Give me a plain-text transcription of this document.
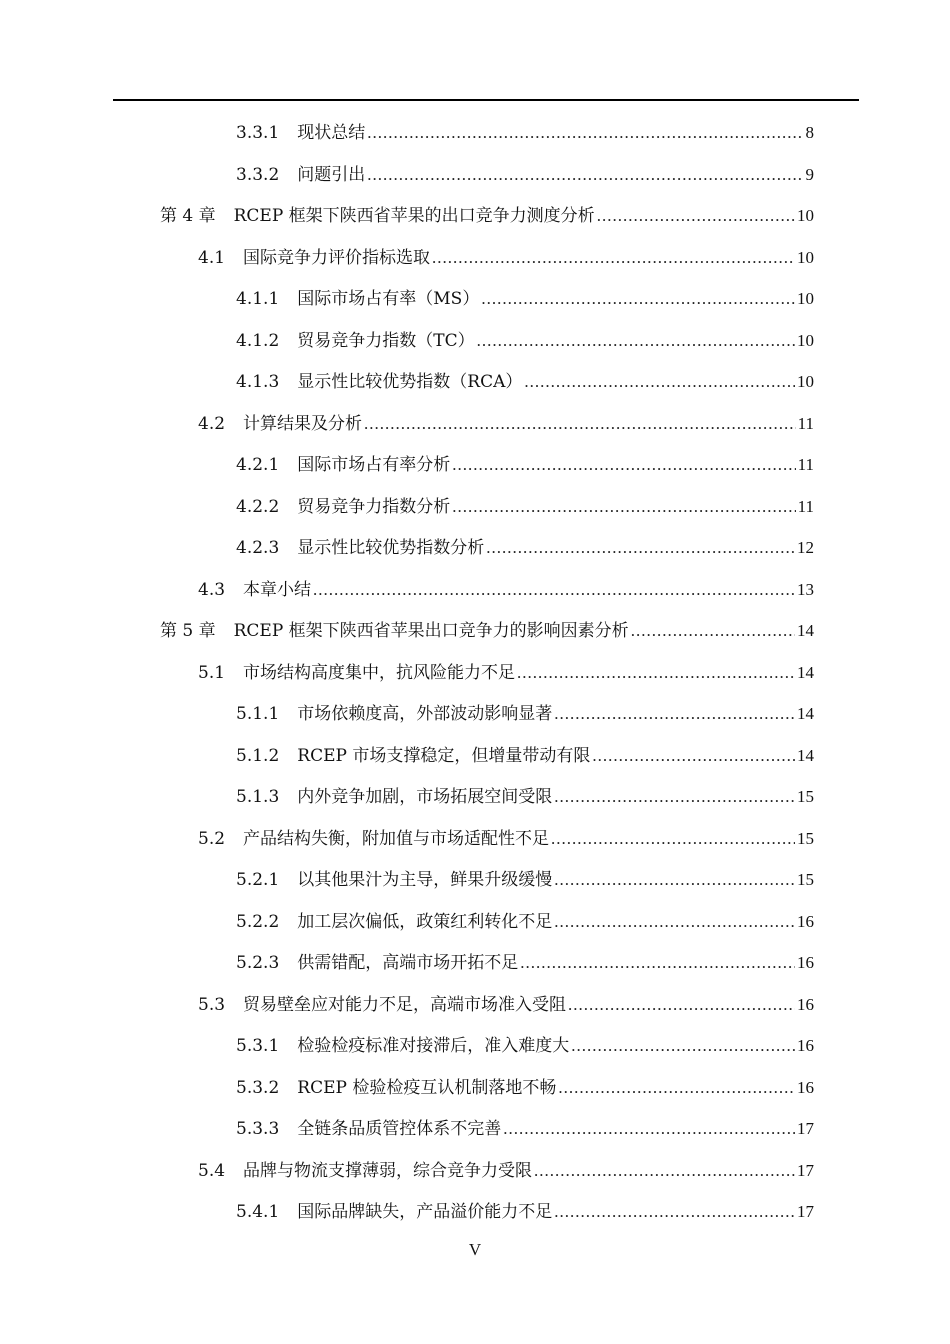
3.3.1	现状总结 .....	8
3.3.2	问题引出 .....	9
第 4 章	RCEP 框架下陕西省苹果的出口竞争力测度分析 .....	10
4.1	国际竞争力评价指标选取 .....	10
4.1.1	国际市场占有率（MS） .....	10
4.1.2	贸易竞争力指数（TC） .....	10
4.1.3	显示性比较优势指数（RCA） .....	10
4.2	计算结果及分析 .....	11
4.2.1	国际市场占有率分析 .....	11
4.2.2	贸易竞争力指数分析 .....	11
4.2.3	显示性比较优势指数分析 .....	12
4.3	本章小结 .....	13
第 5 章	RCEP 框架下陕西省苹果出口竞争力的影响因素分析 .....	14
5.1	市场结构高度集中，抗风险能力不足 .....	14
5.1.1	市场依赖度高，外部波动影响显著 .....	14
5.1.2	RCEP 市场支撑稳定，但增量带动有限 .....	14
5.1.3	内外竞争加剧，市场拓展空间受限 .....	15
5.2	产品结构失衡，附加值与市场适配性不足 .....	15
5.2.1	以其他果汁为主导，鲜果升级缓慢 .....	15
5.2.2	加工层次偏低，政策红利转化不足 .....	16
5.2.3	供需错配，高端市场开拓不足 .....	16
5.3	贸易壁垒应对能力不足，高端市场准入受阻 .....	16
5.3.1	检验检疫标准对接滞后，准入难度大 .....	16
5.3.2	RCEP 检验检疫互认机制落地不畅 .....	16
5.3.3	全链条品质管控体系不完善 .....	17
5.4	品牌与物流支撑薄弱，综合竞争力受限 .....	17
5.4.1	国际品牌缺失，产品溢价能力不足 .....	17
V
